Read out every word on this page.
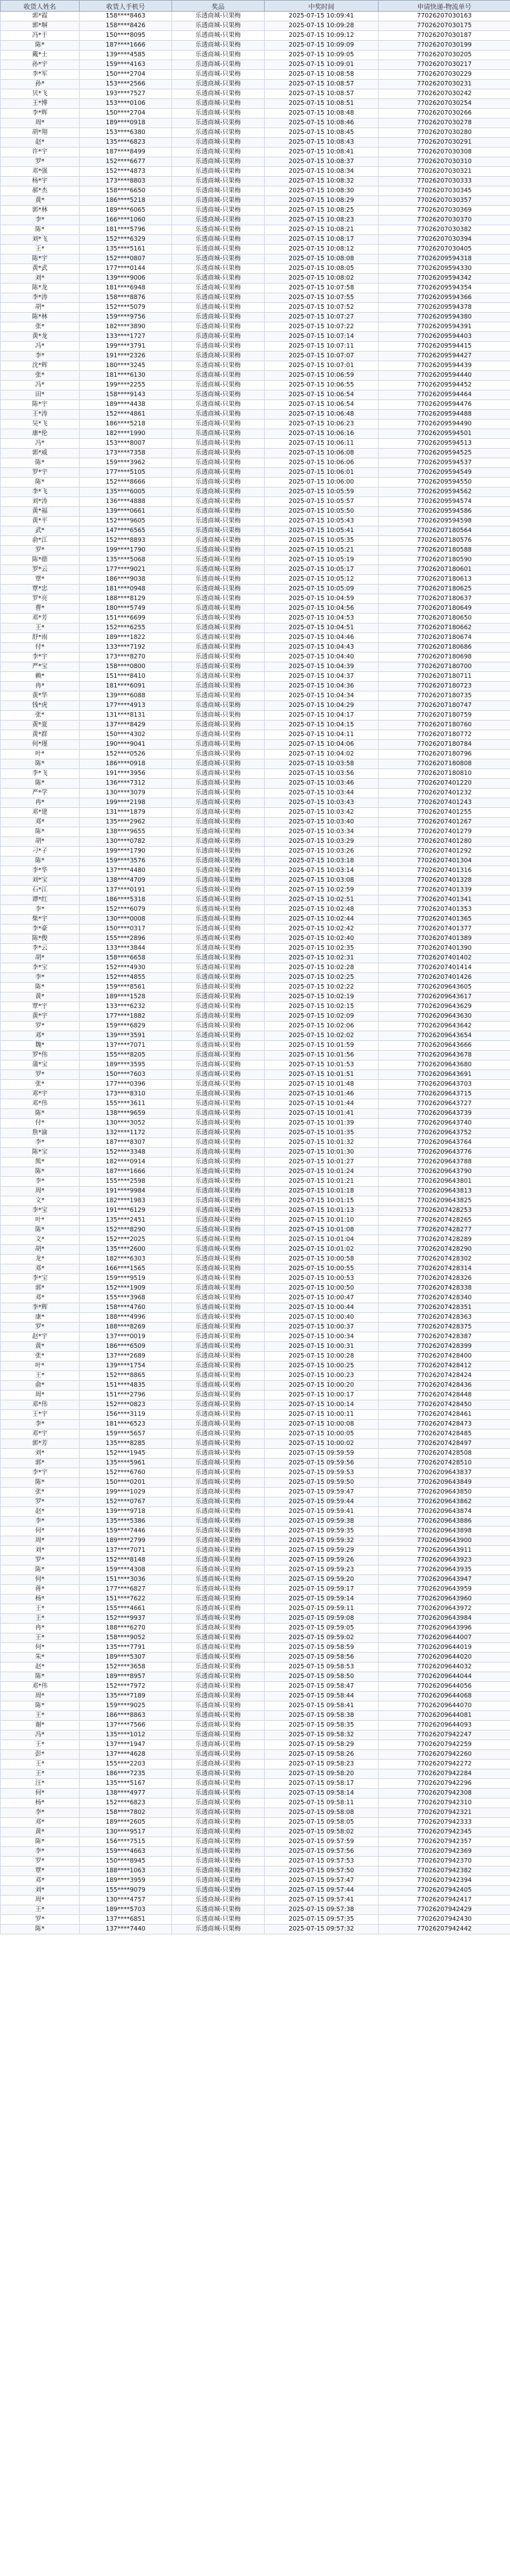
收货人姓名	收货人手机号	奖品	中奖时间	申请快递-物流单号
郭*霞	158****8463	乐透商城-只果梅	2025-07-15 10:09:41	77026207030163
郭*塀	158****8426	乐透商城-只果梅	2025-07-15 10:09:28	77026207030175
冯*于	150****8095	乐透商城-只果梅	2025-07-15 10:09:12	77026207030187
陈*	187****1666	乐透商城-只果梅	2025-07-15 10:09:09	77026207030199
戴*士	139****4585	乐透商城-只果梅	2025-07-15 10:09:05	77026207030205
孙*宇	159****4163	乐透商城-只果梅	2025-07-15 10:09:01	77026207030217
李*军	150****2704	乐透商城-只果梅	2025-07-15 10:08:58	77026207030229
孙*	153****2566	乐透商城-只果梅	2025-07-15 10:08:57	77026207030231
贝*飞	193****7527	乐透商城-只果梅	2025-07-15 10:08:57	77026207030242
王*博	153****0106	乐透商城-只果梅	2025-07-15 10:08:51	77026207030254
李*辉	150****2704	乐透商城-只果梅	2025-07-15 10:08:48	77026207030266
周*	189****0918	乐透商城-只果梅	2025-07-15 10:08:46	77026207030278
胡*翔	153****6380	乐透商城-只果梅	2025-07-15 10:08:45	77026207030280
赵*	135****6823	乐透商城-只果梅	2025-07-15 10:08:43	77026207030291
许*宇	187****8499	乐透商城-只果梅	2025-07-15 10:08:41	77026207030308
罗*	152****6677	乐透商城-只果梅	2025-07-15 10:08:37	77026207030310
邓*强	152****4873	乐透商城-只果梅	2025-07-15 10:08:34	77026207030321
杨*宇	173****8803	乐透商城-只果梅	2025-07-15 10:08:32	77026207030333
郝*杰	158****6650	乐透商城-只果梅	2025-07-15 10:08:30	77026207030345
黄*	186****5218	乐透商城-只果梅	2025-07-15 10:08:29	77026207030357
郭*林	189****6065	乐透商城-只果梅	2025-07-15 10:08:25	77026207030369
李*	166****1060	乐透商城-只果梅	2025-07-15 10:08:23	77026207030370
陈*	181****5796	乐透商城-只果梅	2025-07-15 10:08:21	77026207030382
刘*飞	152****6329	乐透商城-只果梅	2025-07-15 10:08:17	77026207030394
王*	135****5161	乐透商城-只果梅	2025-07-15 10:08:12	77026207030405
陈*宇	152****0807	乐透商城-只果梅	2025-07-15 10:08:08	77026209594318
黄*武	177****0144	乐透商城-只果梅	2025-07-15 10:08:05	77026209594330
刘*	139****9006	乐透商城-只果梅	2025-07-15 10:08:02	77026209594342
陈*龙	181****6948	乐透商城-只果梅	2025-07-15 10:07:58	77026209594354
李*涛	158****8876	乐透商城-只果梅	2025-07-15 10:07:55	77026209594366
胡*	152****5079	乐透商城-只果梅	2025-07-15 10:07:52	77026209594378
陈*林	159****9756	乐透商城-只果梅	2025-07-15 10:07:27	77026209594380
张*	182****3890	乐透商城-只果梅	2025-07-15 10:07:22	77026209594391
黄*龙	133****1727	乐透商城-只果梅	2025-07-15 10:07:14	77026209594403
冯*	199****3791	乐透商城-只果梅	2025-07-15 10:07:11	77026209594415
李*	191****2326	乐透商城-只果梅	2025-07-15 10:07:07	77026209594427
沈*辉	180****3245	乐透商城-只果梅	2025-07-15 10:07:01	77026209594439
张*	181****6130	乐透商城-只果梅	2025-07-15 10:06:59	77026209594440
冯*	199****2255	乐透商城-只果梅	2025-07-15 10:06:55	77026209594452
田*	158****9143	乐透商城-只果梅	2025-07-15 10:06:54	77026209594464
陈*宇	189****4438	乐透商城-只果梅	2025-07-15 10:06:54	77026209594476
王*涛	152****4861	乐透商城-只果梅	2025-07-15 10:06:48	77026209594488
吴*飞	186****5218	乐透商城-只果梅	2025-07-15 10:06:23	77026209594490
康*伦	182****1990	乐透商城-只果梅	2025-07-15 10:06:16	77026209594501
冯*	153****8007	乐透商城-只果梅	2025-07-15 10:06:11	77026209594513
郭*威	173****7358	乐透商城-只果梅	2025-07-15 10:06:08	77026209594525
陈*	159****3962	乐透商城-只果梅	2025-07-15 10:06:06	77026209594537
罗*宇	177****5105	乐透商城-只果梅	2025-07-15 10:06:01	77026209594549
陈*	152****8666	乐透商城-只果梅	2025-07-15 10:06:00	77026209594550
李*飞	135****6005	乐透商城-只果梅	2025-07-15 10:05:59	77026209594562
刘*涛	136****4888	乐透商城-只果梅	2025-07-15 10:05:57	77026209594574
黄*福	139****0661	乐透商城-只果梅	2025-07-15 10:05:50	77026209594586
黄*平	152****9605	乐透商城-只果梅	2025-07-15 10:05:43	77026209594598
武*	147****6565	乐透商城-只果梅	2025-07-15 10:05:41	77026207180564
俞*江	152****8893	乐透商城-只果梅	2025-07-15 10:05:35	77026207180576
罗*	199****1790	乐透商城-只果梅	2025-07-15 10:05:21	77026207180588
陈*德	135****5068	乐透商城-只果梅	2025-07-15 10:05:19	77026207180590
罗*云	177****9021	乐透商城-只果梅	2025-07-15 10:05:17	77026207180601
覃*	186****9038	乐透商城-只果梅	2025-07-15 10:05:12	77026207180613
覃*忠	181****0948	乐透商城-只果梅	2025-07-15 10:05:09	77026207180625
罗*亮	188****8129	乐透商城-只果梅	2025-07-15 10:04:59	77026207180637
曹*	180****5749	乐透商城-只果梅	2025-07-15 10:04:56	77026207180649
邓*芳	151****6699	乐透商城-只果梅	2025-07-15 10:04:53	77026207180650
王*	152****6255	乐透商城-只果梅	2025-07-15 10:04:51	77026207180662
舒*雨	189****1822	乐透商城-只果梅	2025-07-15 10:04:46	77026207180674
付*	133****7192	乐透商城-只果梅	2025-07-15 10:04:43	77026207180686
李*宇	173****8270	乐透商城-只果梅	2025-07-15 10:04:40	77026207180698
严*宝	158****0800	乐透商城-只果梅	2025-07-15 10:04:39	77026207180700
赖*	151****8410	乐透商城-只果梅	2025-07-15 10:04:37	77026207180711
冉*	181****6091	乐透商城-只果梅	2025-07-15 10:04:36	77026207180723
黄*华	139****6088	乐透商城-只果梅	2025-07-15 10:04:34	77026207180735
钱*虎	177****4913	乐透商城-只果梅	2025-07-15 10:04:29	77026207180747
张*	131****8131	乐透商城-只果梅	2025-07-15 10:04:17	77026207180759
黄*夏	137****8429	乐透商城-只果梅	2025-07-15 10:04:15	77026207180760
黄*群	150****4302	乐透商城-只果梅	2025-07-15 10:04:11	77026207180772
何*瑾	190****9041	乐透商城-只果梅	2025-07-15 10:04:06	77026207180784
叶*	152****0526	乐透商城-只果梅	2025-07-15 10:04:02	77026207180796
陈*	186****0918	乐透商城-只果梅	2025-07-15 10:03:58	77026207180808
李*飞	191****3956	乐透商城-只果梅	2025-07-15 10:03:56	77026207180810
陈*	136****7312	乐透商城-只果梅	2025-07-15 10:03:46	77026207401220
严*学	130****3079	乐透商城-只果梅	2025-07-15 10:03:44	77026207401232
冉*	199****2198	乐透商城-只果梅	2025-07-15 10:03:43	77026207401243
邓*建	131****1879	乐透商城-只果梅	2025-07-15 10:03:42	77026207401255
邓*	135****2962	乐透商城-只果梅	2025-07-15 10:03:40	77026207401267
陈*	138****9655	乐透商城-只果梅	2025-07-15 10:03:34	77026207401279
胡*	130****0782	乐透商城-只果梅	2025-07-15 10:03:29	77026207401280
刁*子	199****1790	乐透商城-只果梅	2025-07-15 10:03:26	77026207401292
陈*	159****3576	乐透商城-只果梅	2025-07-15 10:03:18	77026207401304
李*华	137****4480	乐透商城-只果梅	2025-07-15 10:03:14	77026207401316
刘*宝	138****4709	乐透商城-只果梅	2025-07-15 10:03:08	77026207401328
石*江	137****0191	乐透商城-只果梅	2025-07-15 10:02:59	77026207401339
谭*红	186****5318	乐透商城-只果梅	2025-07-15 10:02:51	77026207401341
李*	152****6079	乐透商城-只果梅	2025-07-15 10:02:48	77026207401353
柴*宇	130****0008	乐透商城-只果梅	2025-07-15 10:02:44	77026207401365
李*豪	150****0317	乐透商城-只果梅	2025-07-15 10:02:42	77026207401377
陈*俊	155****2896	乐透商城-只果梅	2025-07-15 10:02:40	77026207401389
李*云	133****3844	乐透商城-只果梅	2025-07-15 10:02:35	77026207401390
胡*	158****6658	乐透商城-只果梅	2025-07-15 10:02:31	77026207401402
李*宝	152****4930	乐透商城-只果梅	2025-07-15 10:02:28	77026207401414
李*	152****4855	乐透商城-只果梅	2025-07-15 10:02:25	77026207401426
陈*	159****8561	乐透商城-只果梅	2025-07-15 10:02:22	77026209643605
黄*	189****1528	乐透商城-只果梅	2025-07-15 10:02:19	77026209643617
覃*宇	133****6232	乐透商城-只果梅	2025-07-15 10:02:15	77026209643629
黄*宇	177****1882	乐透商城-只果梅	2025-07-15 10:02:09	77026209643630
罗*	159****6829	乐透商城-只果梅	2025-07-15 10:02:06	77026209643642
邓*	139****3591	乐透商城-只果梅	2025-07-15 10:02:02	77026209643654
魏*	137****7071	乐透商城-只果梅	2025-07-15 10:01:59	77026209643666
罗*伟	155****8205	乐透商城-只果梅	2025-07-15 10:01:56	77026209643678
蒲*宝	189****3595	乐透商城-只果梅	2025-07-15 10:01:53	77026209643680
罗*	150****7603	乐透商城-只果梅	2025-07-15 10:01:51	77026209643691
张*	177****0396	乐透商城-只果梅	2025-07-15 10:01:48	77026209643703
邓*宇	173****8310	乐透商城-只果梅	2025-07-15 10:01:46	77026209643715
邓*伟	155****3611	乐透商城-只果梅	2025-07-15 10:01:44	77026209643727
陈*	138****9659	乐透商城-只果梅	2025-07-15 10:01:41	77026209643739
付*	130****3052	乐透商城-只果梅	2025-07-15 10:01:39	77026209643740
詹*渝	132****1172	乐透商城-只果梅	2025-07-15 10:01:35	77026209643752
李*	187****8307	乐透商城-只果梅	2025-07-15 10:01:32	77026209643764
陈*宝	152****3348	乐透商城-只果梅	2025-07-15 10:01:30	77026209643776
熊*	182****0914	乐透商城-只果梅	2025-07-15 10:01:27	77026209643788
陈*	187****1666	乐透商城-只果梅	2025-07-15 10:01:24	77026209643790
李*	155****2598	乐透商城-只果梅	2025-07-15 10:01:21	77026209643801
周*	191****9984	乐透商城-只果梅	2025-07-15 10:01:18	77026209643813
文*	182****1983	乐透商城-只果梅	2025-07-15 10:01:15	77026209643825
李*宝	191****6129	乐透商城-只果梅	2025-07-15 10:01:13	77026207428253
叶*	135****2451	乐透商城-只果梅	2025-07-15 10:01:10	77026207428265
陈*	152****8290	乐透商城-只果梅	2025-07-15 10:01:08	77026207428277
文*	152****2025	乐透商城-只果梅	2025-07-15 10:01:04	77026207428289
胡*	135****2600	乐透商城-只果梅	2025-07-15 10:01:02	77026207428290
龙*	182****6303	乐透商城-只果梅	2025-07-15 10:00:58	77026207428302
邓*	166****1565	乐透商城-只果梅	2025-07-15 10:00:55	77026207428314
李*宝	159****9519	乐透商城-只果梅	2025-07-15 10:00:53	77026207428326
郭*	152****1909	乐透商城-只果梅	2025-07-15 10:00:50	77026207428338
邓*	155****3968	乐透商城-只果梅	2025-07-15 10:00:47	77026207428340
李*辉	158****4760	乐透商城-只果梅	2025-07-15 10:00:44	77026207428351
康*	188****4996	乐透商城-只果梅	2025-07-15 10:00:40	77026207428363
罗*	188****8269	乐透商城-只果梅	2025-07-15 10:00:37	77026207428375
赵*宇	137****0019	乐透商城-只果梅	2025-07-15 10:00:34	77026207428387
黄*	186****6509	乐透商城-只果梅	2025-07-15 10:00:31	77026207428399
张*	137****2689	乐透商城-只果梅	2025-07-15 10:00:28	77026207428400
叶*	139****1754	乐透商城-只果梅	2025-07-15 10:00:25	77026207428412
王*	152****8865	乐透商城-只果梅	2025-07-15 10:00:23	77026207428424
俞*	151****4835	乐透商城-只果梅	2025-07-15 10:00:20	77026207428436
周*	151****2796	乐透商城-只果梅	2025-07-15 10:00:17	77026207428448
邓*伟	152****0823	乐透商城-只果梅	2025-07-15 10:00:14	77026207428450
王*宇	156****3119	乐透商城-只果梅	2025-07-15 10:00:11	77026207428461
李*	181****6523	乐透商城-只果梅	2025-07-15 10:00:08	77026207428473
邓*宇	159****5657	乐透商城-只果梅	2025-07-15 10:00:05	77026207428485
郭*芳	135****8285	乐透商城-只果梅	2025-07-15 10:00:02	77026207428497
刘*	152****1945	乐透商城-只果梅	2025-07-15 09:59:59	77026207428508
郭*	135****5961	乐透商城-只果梅	2025-07-15 09:59:56	77026207428510
李*宇	152****6760	乐透商城-只果梅	2025-07-15 09:59:53	77026209643837
陈*	150****0201	乐透商城-只果梅	2025-07-15 09:59:50	77026209643849
张*	199****1029	乐透商城-只果梅	2025-07-15 09:59:47	77026209643850
罗*	152****0767	乐透商城-只果梅	2025-07-15 09:59:44	77026209643862
赵*	139****9718	乐透商城-只果梅	2025-07-15 09:59:41	77026209643874
李*	135****5386	乐透商城-只果梅	2025-07-15 09:59:38	77026209643886
何*	159****7446	乐透商城-只果梅	2025-07-15 09:59:35	77026209643898
周*	189****2799	乐透商城-只果梅	2025-07-15 09:59:32	77026209643900
刘*	137****7071	乐透商城-只果梅	2025-07-15 09:59:29	77026209643911
罗*	152****8148	乐透商城-只果梅	2025-07-15 09:59:26	77026209643923
陈*	159****4308	乐透商城-只果梅	2025-07-15 09:59:23	77026209643935
何*	151****3036	乐透商城-只果梅	2025-07-15 09:59:20	77026209643947
蒋*	177****6827	乐透商城-只果梅	2025-07-15 09:59:17	77026209643959
杨*	151****7622	乐透商城-只果梅	2025-07-15 09:59:14	77026209643960
王*	155****4661	乐透商城-只果梅	2025-07-15 09:59:11	77026209643972
王*	152****9937	乐透商城-只果梅	2025-07-15 09:59:08	77026209643984
冉*	188****6270	乐透商城-只果梅	2025-07-15 09:59:05	77026209643996
王*	158****9052	乐透商城-只果梅	2025-07-15 09:59:02	77026209644007
何*	135****7791	乐透商城-只果梅	2025-07-15 09:58:59	77026209644019
朱*	189****5307	乐透商城-只果梅	2025-07-15 09:58:56	77026209644020
赵*	152****3658	乐透商城-只果梅	2025-07-15 09:58:53	77026209644032
陈*	189****8957	乐透商城-只果梅	2025-07-15 09:58:50	77026209644044
邓*伟	152****7972	乐透商城-只果梅	2025-07-15 09:58:47	77026209644056
周*	135****7189	乐透商城-只果梅	2025-07-15 09:58:44	77026209644068
陈*	159****9025	乐透商城-只果梅	2025-07-15 09:58:41	77026209644070
王*	186****8863	乐透商城-只果梅	2025-07-15 09:58:38	77026209644081
谢*	137****7566	乐透商城-只果梅	2025-07-15 09:58:35	77026209644093
冯*	135****1012	乐透商城-只果梅	2025-07-15 09:58:32	77026207942247
王*	137****1947	乐透商城-只果梅	2025-07-15 09:58:29	77026207942259
彭*	137****4628	乐透商城-只果梅	2025-07-15 09:58:26	77026207942260
王*	155****2203	乐透商城-只果梅	2025-07-15 09:58:23	77026207942272
王*	186****7235	乐透商城-只果梅	2025-07-15 09:58:20	77026207942284
汪*	135****5167	乐透商城-只果梅	2025-07-15 09:58:17	77026207942296
何*	138****4977	乐透商城-只果梅	2025-07-15 09:58:14	77026207942308
杨*	152****6823	乐透商城-只果梅	2025-07-15 09:58:11	77026207942310
李*	158****7802	乐透商城-只果梅	2025-07-15 09:58:08	77026207942321
邓*	189****2605	乐透商城-只果梅	2025-07-15 09:58:05	77026207942333
黄*	130****9517	乐透商城-只果梅	2025-07-15 09:58:02	77026207942345
陈*	156****7515	乐透商城-只果梅	2025-07-15 09:57:59	77026207942357
李*	159****4663	乐透商城-只果梅	2025-07-15 09:57:56	77026207942369
罗*	150****8945	乐透商城-只果梅	2025-07-15 09:57:53	77026207942370
覃*	188****1063	乐透商城-只果梅	2025-07-15 09:57:50	77026207942382
邓*	189****3959	乐透商城-只果梅	2025-07-15 09:57:47	77026207942394
刘*	155****9079	乐透商城-只果梅	2025-07-15 09:57:44	77026207942405
周*	130****4757	乐透商城-只果梅	2025-07-15 09:57:41	77026207942417
王*	189****5703	乐透商城-只果梅	2025-07-15 09:57:38	77026207942429
罗*	137****6851	乐透商城-只果梅	2025-07-15 09:57:35	77026207942430
陈*	137****7440	乐透商城-只果梅	2025-07-15 09:57:32	77026207942442
